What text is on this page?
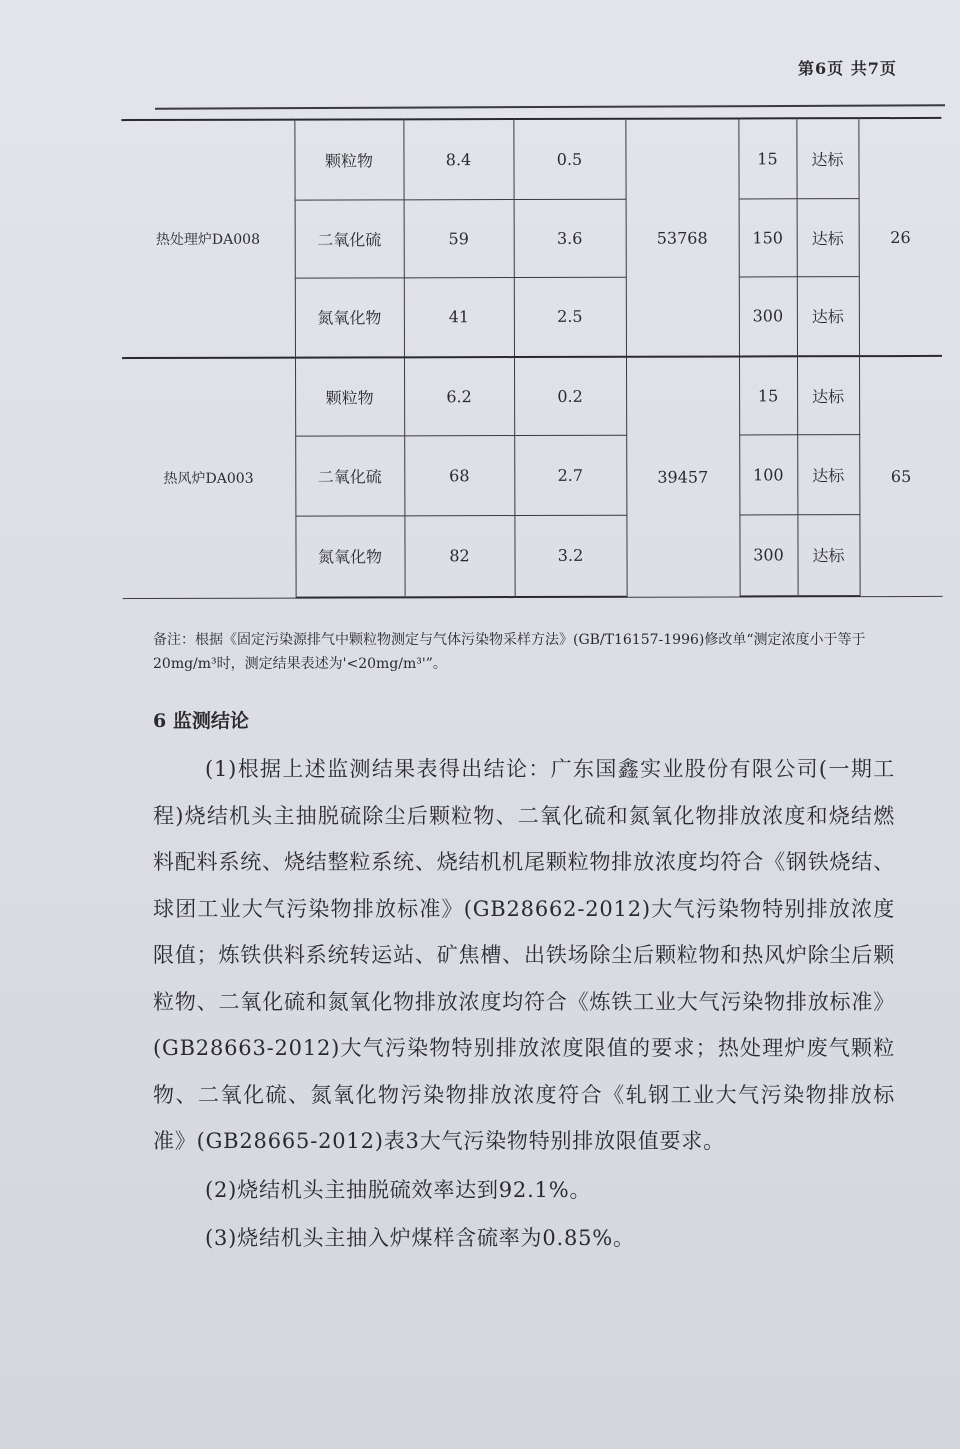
第6页 共7页
热处理炉DA008	颗粒物	8.4	0.5	53768	15	达标	26
	二氧化硫	59	3.6		150	达标	
	氮氧化物	41	2.5		300	达标	
热风炉DA003	颗粒物	6.2	0.2	39457	15	达标	65
	二氧化硫	68	2.7		100	达标	
	氮氧化物	82	3.2		300	达标	
备注：根据《固定污染源排气中颗粒物测定与气体污染物采样方法》(GB/T16157-1996)修改单“测定浓度小于等于20mg/m³时，测定结果表述为'<20mg/m³'”。
6 监测结论

(1)根据上述监测结果表得出结论：广东国鑫实业股份有限公司(一期工程)烧结机头主抽脱硫除尘后颗粒物、二氧化硫和氮氧化物排放浓度和烧结燃料配料系统、烧结整粒系统、烧结机机尾颗粒物排放浓度均符合《钢铁烧结、球团工业大气污染物排放标准》(GB28662-2012)大气污染物特别排放浓度限值；炼铁供料系统转运站、矿焦槽、出铁场除尘后颗粒物和热风炉除尘后颗粒物、二氧化硫和氮氧化物排放浓度均符合《炼铁工业大气污染物排放标准》(GB28663-2012)大气污染物特别排放浓度限值的要求；热处理炉废气颗粒物、二氧化硫、氮氧化物污染物排放浓度符合《轧钢工业大气污染物排放标准》(GB28665-2012)表3大气污染物特别排放限值要求。

(2)烧结机头主抽脱硫效率达到92.1%。

(3)烧结机头主抽入炉煤样含硫率为0.85%。
